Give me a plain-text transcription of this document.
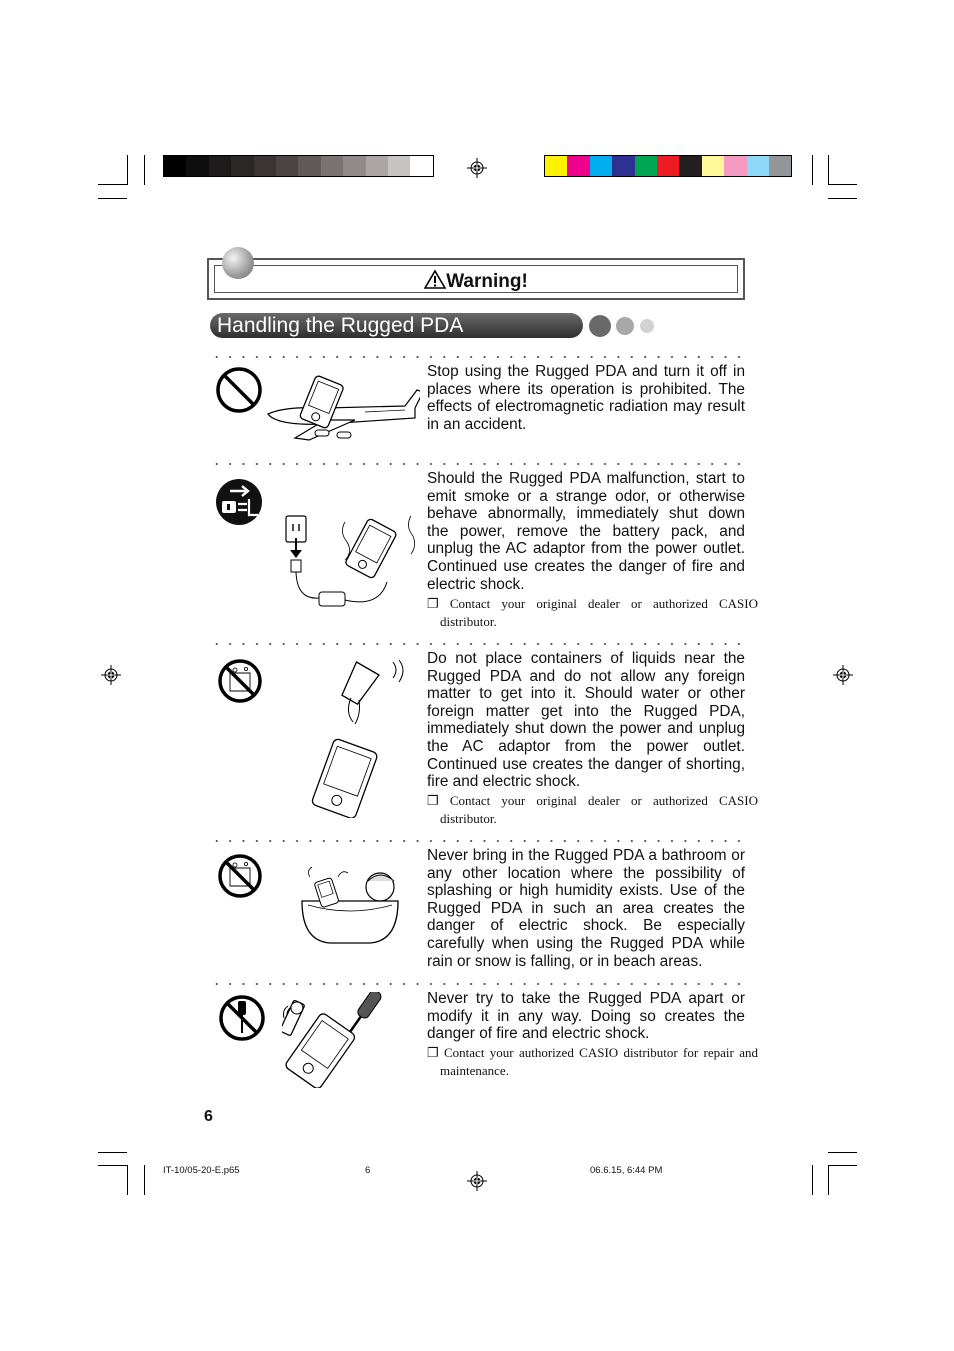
Warning!
Handling the Rugged PDA
Stop using the Rugged PDA and turn it off in places where its operation is prohibited. The effects of electromagnetic radiation may result in an accident.
Should the Rugged PDA malfunction, start to emit smoke or a strange odor, or otherwise behave abnormally, immediately shut down the power, remove the battery pack, and unplug the AC adaptor from the power outlet. Continued use creates the danger of fire and electric shock.
❐ Contact your original dealer or authorized CASIO distributor.
Do not place containers of liquids near the Rugged PDA and do not allow any foreign matter to get into it. Should water or other foreign matter get into the Rugged PDA, immediately shut down the power and unplug the AC adaptor from the power outlet. Continued use creates the danger of shorting, fire and electric shock.
❐ Contact your original dealer or authorized CASIO distributor.
Never bring in the Rugged PDA a bathroom or any other location where the possibility of splashing or high humidity exists. Use of the Rugged PDA in such an area creates the danger of electric shock. Be especially carefully when using the Rugged PDA while rain or snow is falling, or in beach areas.
Never try to take the Rugged PDA apart or modify it in any way. Doing so creates the danger of fire and electric shock.
❐ Contact your authorized CASIO distributor for repair and maintenance.
6
IT-10/05-20-E.p65	6	06.6.15, 6:44 PM
